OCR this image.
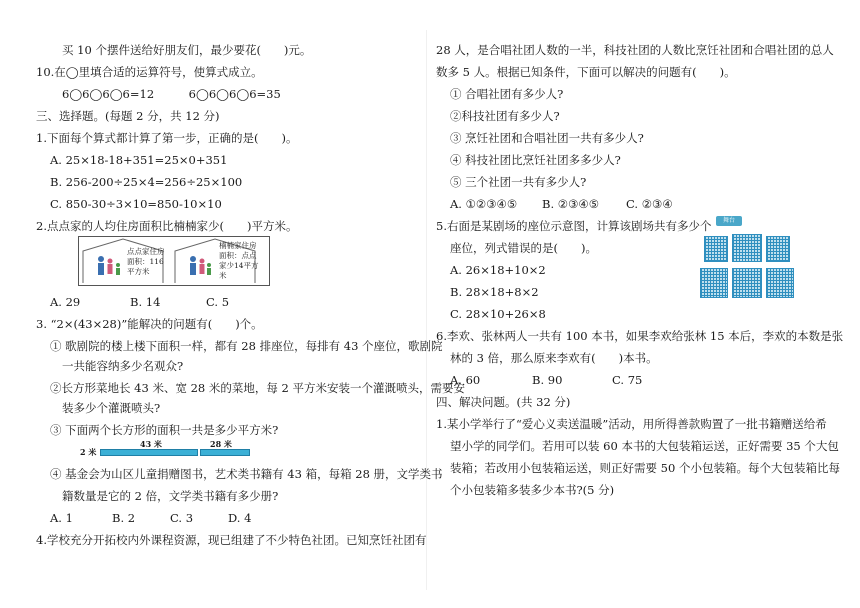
买 10 个摆件送给好朋友们，最少要花(　　)元。
10.在◯里填合适的运算符号，使算式成立。
6◯6◯6◯6=12　　　6◯6◯6◯6=35
三、选择题。(每题 2 分，共 12 分)
1.下面每个算式都计算了第一步，正确的是(　　)。
A. 25×18-18+351=25×0+351
B. 256-200÷25×4=256÷25×100
C. 850-30÷3×10=850-10×10
2.点点家的人均住房面积比楠楠家少(　　)平方米。
点点家住房面积：116平方米
楠楠家住房面积：点点家少14平方米
A. 29	B. 14	C. 5
3. “2×(43×28)”能解决的问题有(　　)个。
① 歌剧院的楼上楼下面积一样，都有 28 排座位，每排有 43 个座位，歌剧院
一共能容纳多少名观众?
②长方形菜地长 43 米、宽 28 米的菜地，每 2 平方米安装一个灌溉喷头，需要安
装多少个灌溉喷头?
③ 下面两个长方形的面积一共是多少平方米?
43 米	28 米
2 米
④ 基金会为山区儿童捐赠图书，艺术类书籍有 43 箱，每箱 28 册，文学类书
籍数量是它的 2 倍，文学类书籍有多少册?
A. 1	B. 2	C. 3	D. 4
4.学校充分开拓校内外课程资源，现已组建了不少特色社团。已知烹饪社团有
28 人，是合唱社团人数的一半，科技社团的人数比烹饪社团和合唱社团的总人
数多 5 人。根据已知条件，下面可以解决的问题有(　　)。
① 合唱社团有多少人?
②科技社团有多少人?
③ 烹饪社团和合唱社团一共有多少人?
④ 科技社团比烹饪社团多多少人?
⑤ 三个社团一共有多少人?
A. ①②③④⑤ B. ②③④⑤ C. ②③④
5.右面是某剧场的座位示意图，计算该剧场共有多少个
座位，列式错误的是(　　)。
A. 26×18+10×2
B. 28×18+8×2
C. 28×10+26×8
舞台
6.李欢、张林两人一共有 100 本书，如果李欢给张林 15 本后，李欢的本数是张
林的 3 倍，那么原来李欢有(　　)本书。
A. 60	B. 90	C. 75
四、解决问题。(共 32 分)
1.某小学举行了“爱心义卖送温暖”活动，用所得善款购置了一批书籍赠送给希
望小学的同学们。若用可以装 60 本书的大包装箱运送，正好需要 35 个大包
装箱；若改用小包装箱运送，则正好需要 50 个小包装箱。每个大包装箱比每
个小包装箱多装多少本书?(5 分)
